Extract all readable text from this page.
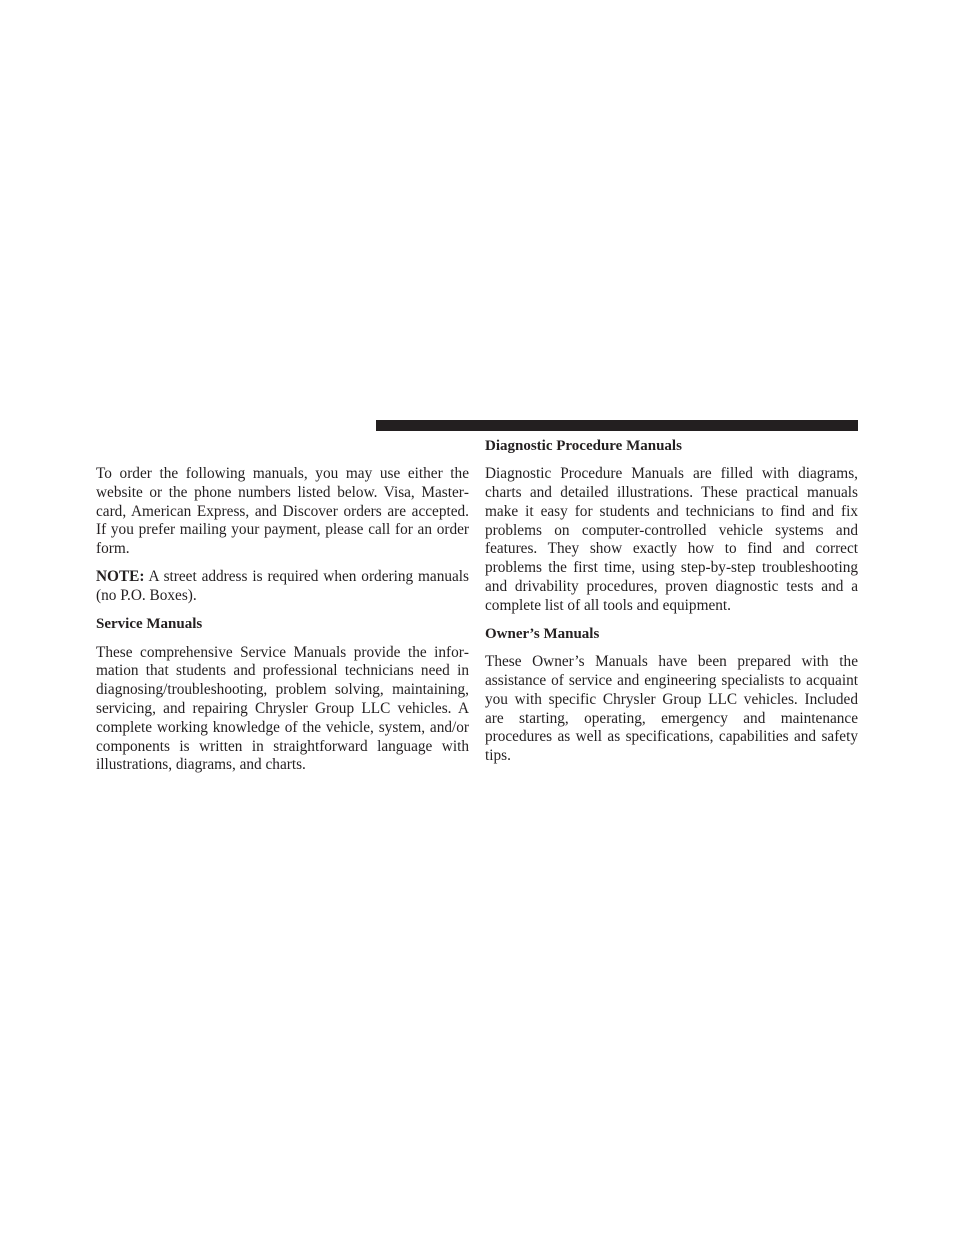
To order the following manuals, you may use either the website or the phone numbers listed below. Visa, Mastercard, American Express, and Discover orders are accepted. If you prefer mailing your payment, please call for an order form.

NOTE: A street address is required when ordering manuals (no P.O. Boxes).

Service Manuals

These comprehensive Service Manuals provide the information that students and professional technicians need in diagnosing/troubleshooting, problem solving, maintaining, servicing, and repairing Chrysler Group LLC vehicles. A complete working knowledge of the vehicle, system, and/or components is written in straightforward language with illustrations, diagrams, and charts.

Diagnostic Procedure Manuals

Diagnostic Procedure Manuals are filled with diagrams, charts and detailed illustrations. These practical manuals make it easy for students and technicians to find and fix problems on computer-controlled vehicle systems and features. They show exactly how to find and correct problems the first time, using step-by-step troubleshooting and drivability procedures, proven diagnostic tests and a complete list of all tools and equipment.

Owner’s Manuals

These Owner’s Manuals have been prepared with the assistance of service and engineering specialists to acquaint you with specific Chrysler Group LLC vehicles. Included are starting, operating, emergency and maintenance procedures as well as specifications, capabilities and safety tips.
